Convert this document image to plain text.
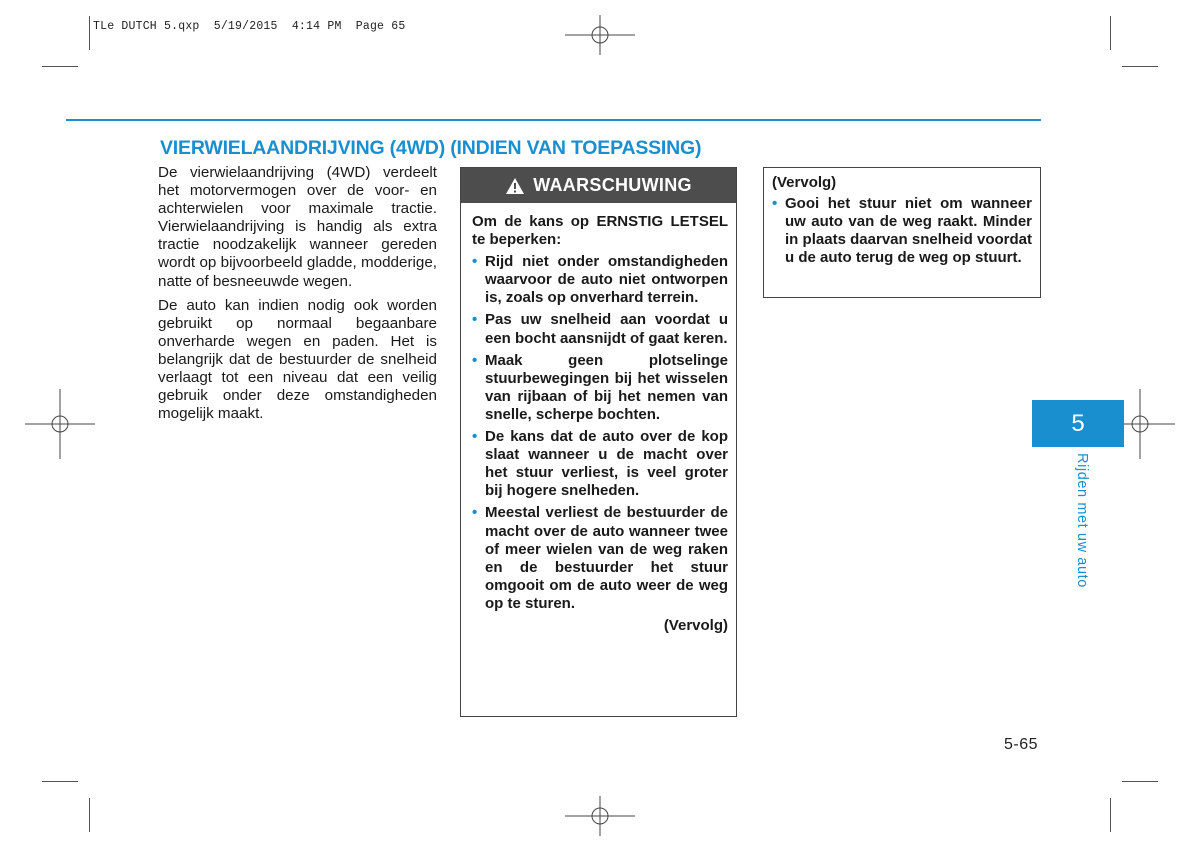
TLe DUTCH 5.qxp  5/19/2015  4:14 PM  Page 65
VIERWIELAANDRIJVING (4WD) (INDIEN VAN TOEPASSING)

De vierwielaandrijving (4WD) verdeelt het motorvermogen over de voor- en achterwielen voor maximale tractie. Vierwielaandrijving is handig als extra tractie noodzakelijk wanneer gereden wordt op bijvoorbeeld gladde, modderige, natte of besneeuwde wegen.

De auto kan indien nodig ook worden gebruikt op normaal begaanbare onverharde wegen en paden. Het is belangrijk dat de bestuurder de snelheid verlaagt tot een niveau dat een veilig gebruik onder deze omstandigheden mogelijk maakt.

WAARSCHUWING

Om de kans op ERNSTIG LETSEL te beperken:

• Rijd niet onder omstandigheden waarvoor de auto niet ontworpen is, zoals op onverhard terrein.
• Pas uw snelheid aan voordat u een bocht aansnijdt of gaat keren.
• Maak geen plotselinge stuurbewegingen bij het wisselen van rijbaan of bij het nemen van snelle, scherpe bochten.
• De kans dat de auto over de kop slaat wanneer u de macht over het stuur verliest, is veel groter bij hogere snelheden.
• Meestal verliest de bestuurder de macht over de auto wanneer twee of meer wielen van de weg raken en de bestuurder het stuur omgooit om de auto weer de weg op te sturen.
(Vervolg)

(Vervolg)

• Gooi het stuur niet om wanneer uw auto van de weg raakt. Minder in plaats daarvan snelheid voordat u de auto terug de weg op stuurt.
5
Rijden met uw auto
5-65
